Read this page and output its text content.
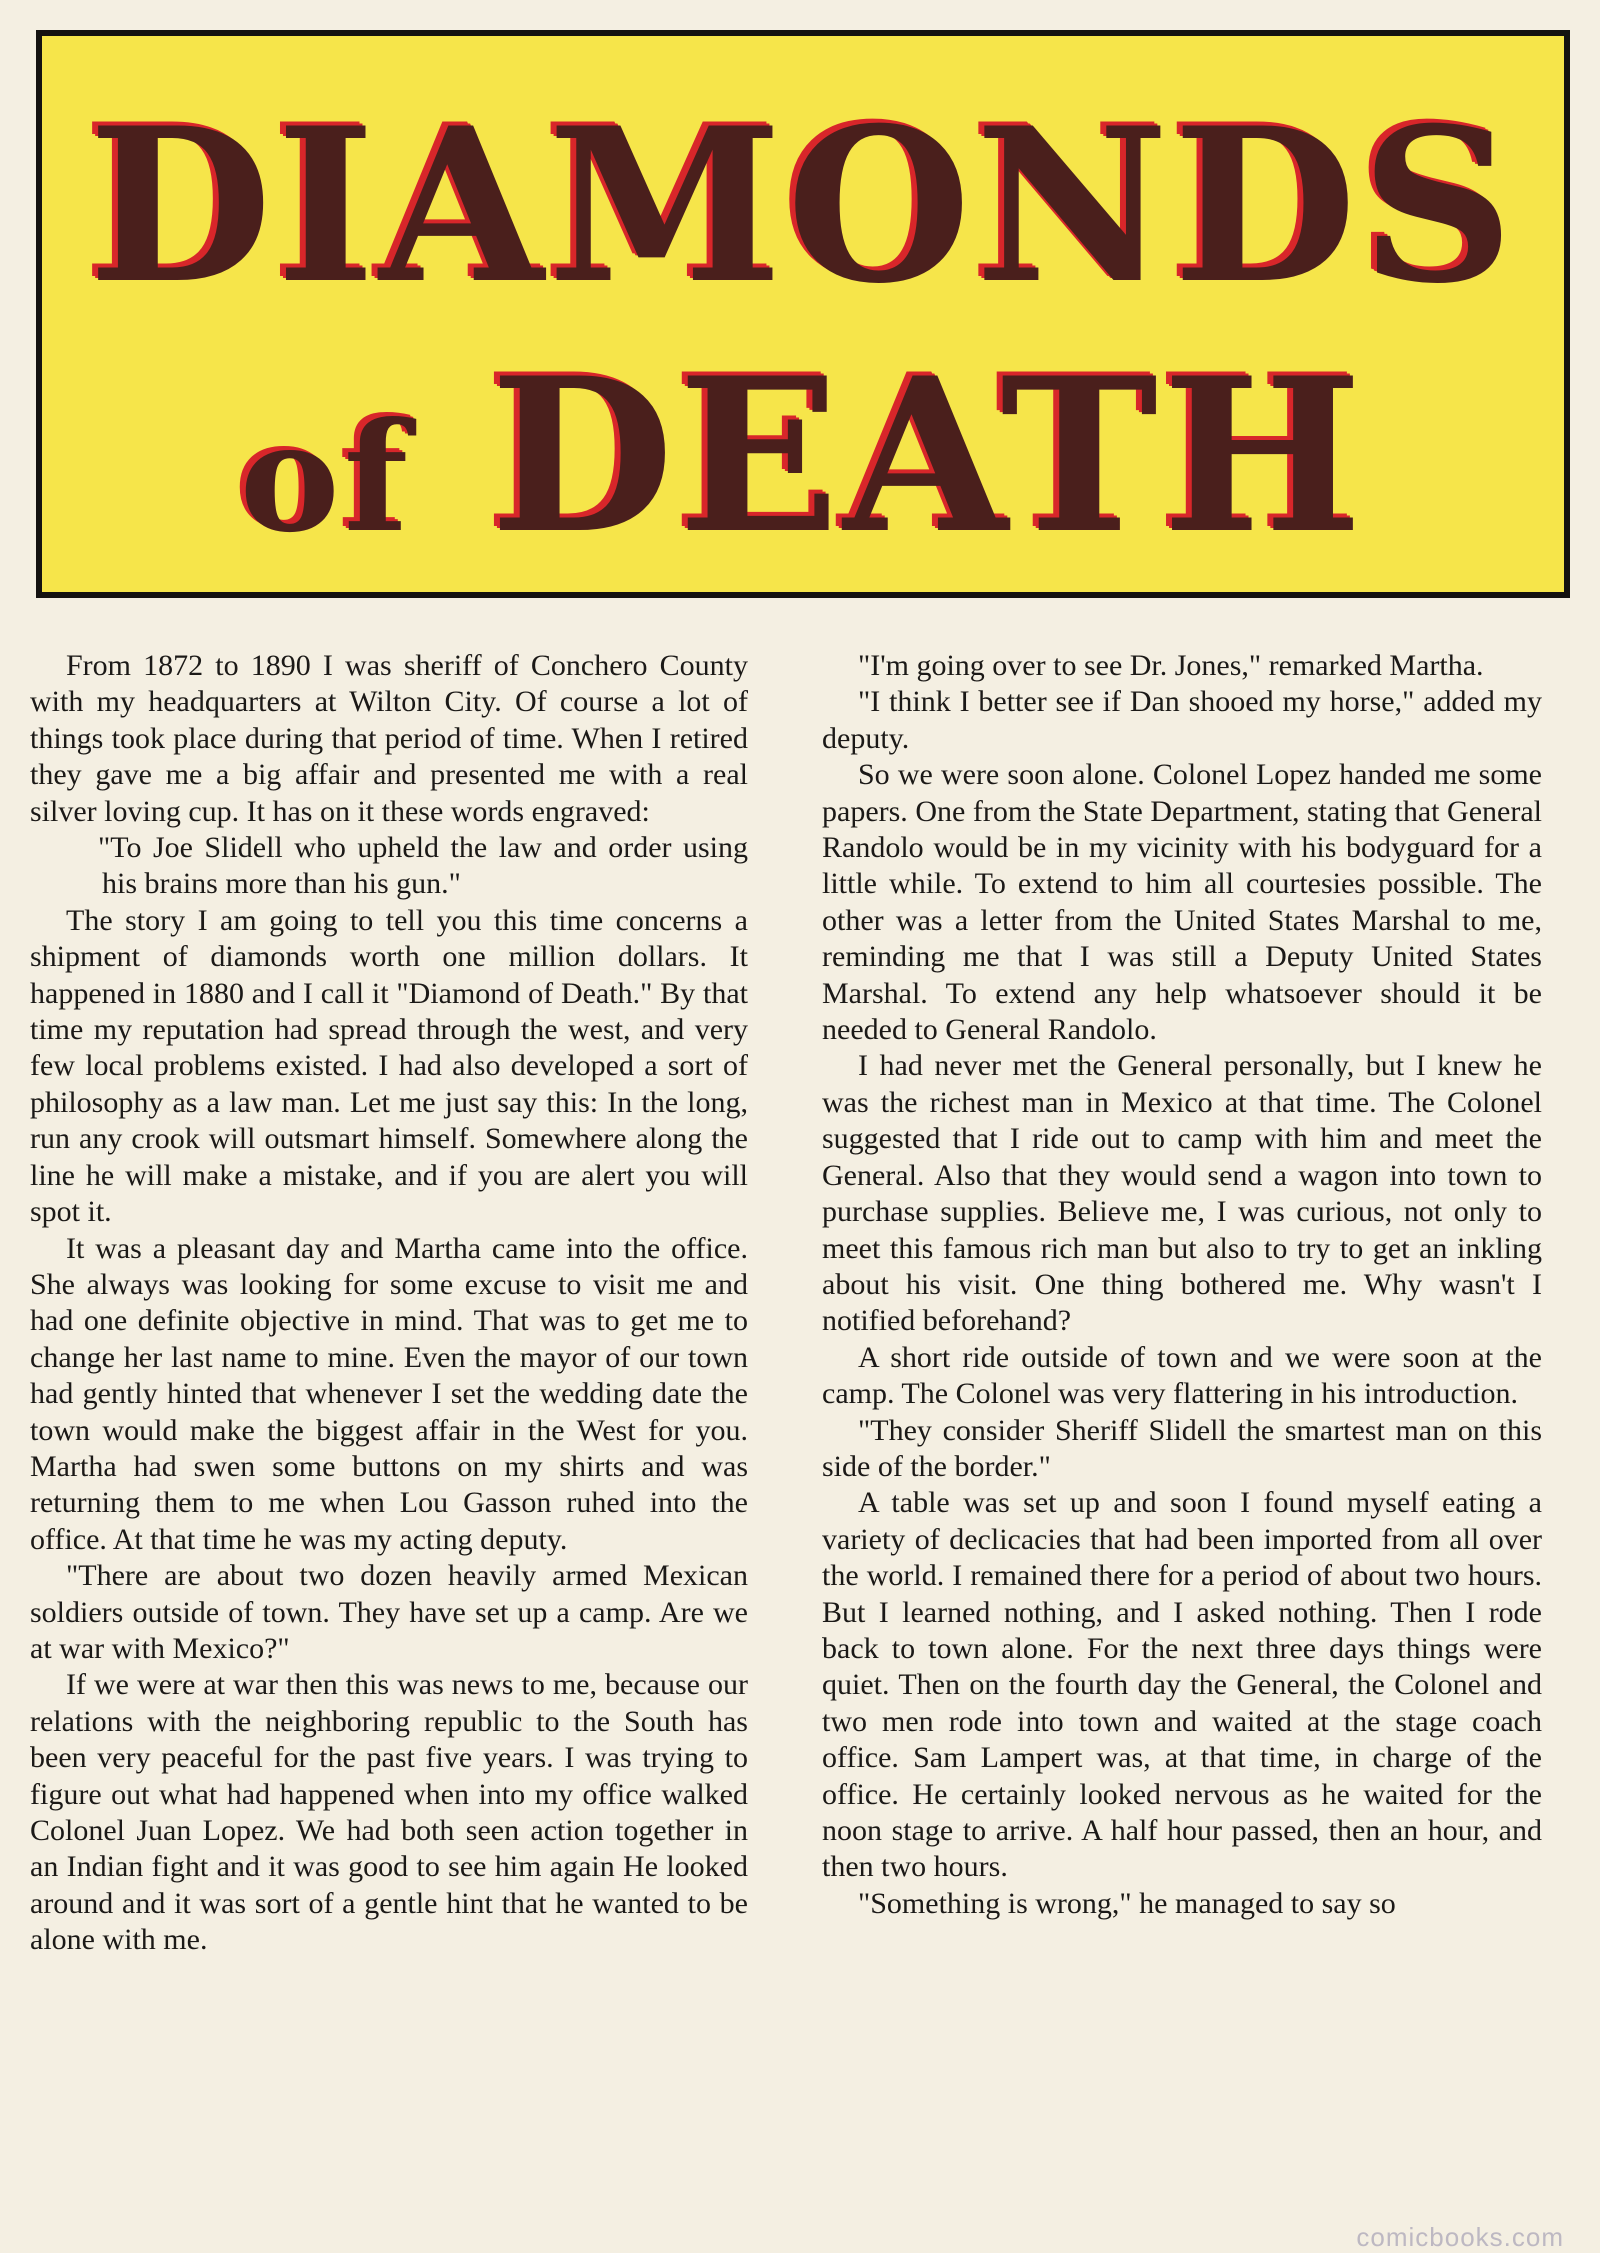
DIAMONDS
of DEATH

From 1872 to 1890 I was sheriff of Conchero County with my headquarters at Wilton City. Of course a lot of things took place during that period of time. When I retired they gave me a big affair and presented me with a real silver loving cup. It has on it these words engraved:

"To Joe Slidell who upheld the law and order using his brains more than his gun."

The story I am going to tell you this time concerns a shipment of diamonds worth one million dollars. It happened in 1880 and I call it "Diamond of Death." By that time my reputation had spread through the west, and very few local problems existed. I had also developed a sort of philosophy as a law man. Let me just say this: In the long, run any crook will outsmart himself. Somewhere along the line he will make a mistake, and if you are alert you will spot it.

It was a pleasant day and Martha came into the office. She always was looking for some excuse to visit me and had one definite objective in mind. That was to get me to change her last name to mine. Even the mayor of our town had gently hinted that whenever I set the wedding date the town would make the biggest affair in the West for you. Martha had swen some buttons on my shirts and was returning them to me when Lou Gasson ruhed into the office. At that time he was my acting deputy.

"There are about two dozen heavily armed Mexican soldiers outside of town. They have set up a camp. Are we at war with Mexico?"

If we were at war then this was news to me, because our relations with the neighboring republic to the South has been very peaceful for the past five years. I was trying to figure out what had happened when into my office walked Colonel Juan Lopez. We had both seen action together in an Indian fight and it was good to see him again He looked around and it was sort of a gentle hint that he wanted to be alone with me.

"I'm going over to see Dr. Jones," remarked Martha.

"I think I better see if Dan shooed my horse," added my deputy.

So we were soon alone. Colonel Lopez handed me some papers. One from the State Department, stating that General Randolo would be in my vicinity with his bodyguard for a little while. To extend to him all courtesies possible. The other was a letter from the United States Marshal to me, reminding me that I was still a Deputy United States Marshal. To extend any help whatsoever should it be needed to General Randolo.

I had never met the General personally, but I knew he was the richest man in Mexico at that time. The Colonel suggested that I ride out to camp with him and meet the General. Also that they would send a wagon into town to purchase supplies. Believe me, I was curious, not only to meet this famous rich man but also to try to get an inkling about his visit. One thing bothered me. Why wasn't I notified beforehand?

A short ride outside of town and we were soon at the camp. The Colonel was very flattering in his introduction.

"They consider Sheriff Slidell the smartest man on this side of the border."

A table was set up and soon I found myself eating a variety of declicacies that had been imported from all over the world. I remained there for a period of about two hours. But I learned nothing, and I asked nothing. Then I rode back to town alone. For the next three days things were quiet. Then on the fourth day the General, the Colonel and two men rode into town and waited at the stage coach office. Sam Lampert was, at that time, in charge of the office. He certainly looked nervous as he waited for the noon stage to arrive. A half hour passed, then an hour, and then two hours.

"Something is wrong," he managed to say so

comicbooks.com
